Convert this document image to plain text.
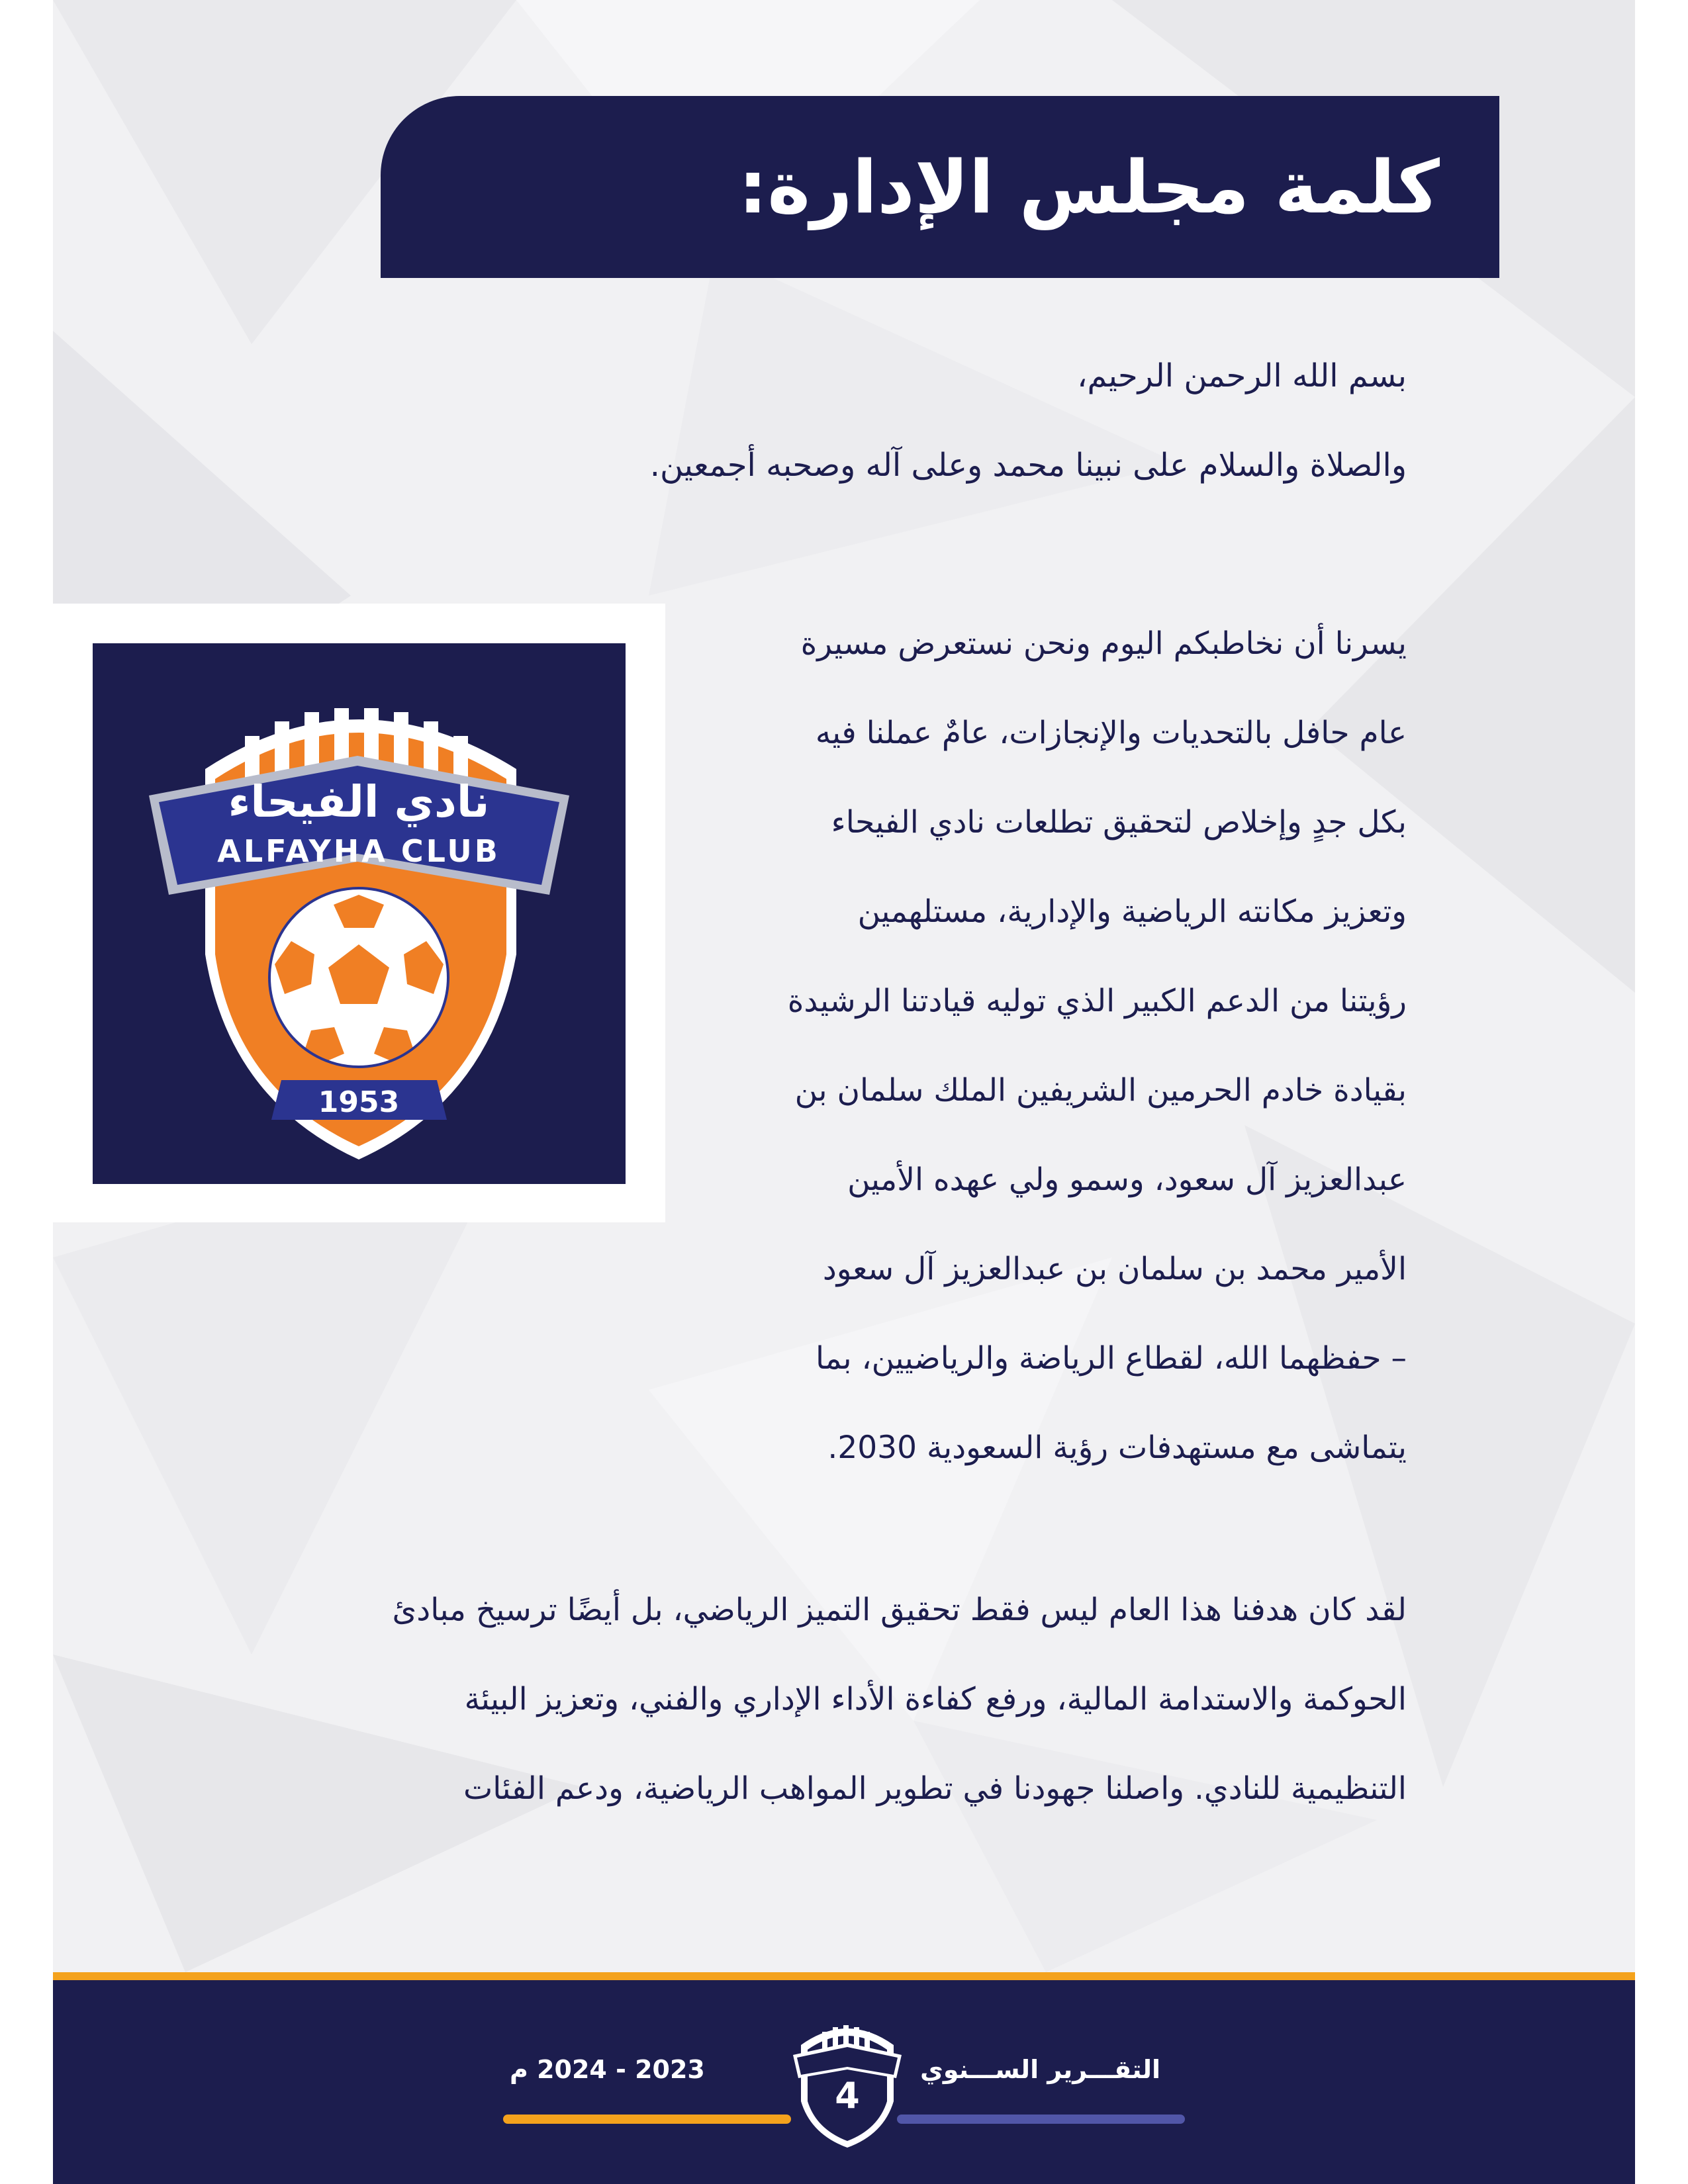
كلمة مجلس الإدارة:
بسم الله الرحمن الرحيم،
والصلاة والسلام على نبينا محمد وعلى آله وصحبه أجمعين.
نادي الفيحاء
ALFAYHA CLUB
1953
يسرنا أن نخاطبكم اليوم ونحن نستعرض مسيرة
عام حافل بالتحديات والإنجازات، عامٌ عملنا فيه
بكل جدٍ وإخلاص لتحقيق تطلعات نادي الفيحاء
وتعزيز مكانته الرياضية والإدارية، مستلهمين
رؤيتنا من الدعم الكبير الذي توليه قيادتنا الرشيدة
بقيادة خادم الحرمين الشريفين الملك سلمان بن
عبدالعزيز آل سعود، وسمو ولي عهده الأمين
الأمير محمد بن سلمان بن عبدالعزيز آل سعود
– حفظهما الله، لقطاع الرياضة والرياضيين، بما
يتماشى مع مستهدفات رؤية السعودية 2030.
لقد كان هدفنا هذا العام ليس فقط تحقيق التميز الرياضي، بل أيضًا ترسيخ مبادئ
الحوكمة والاستدامة المالية، ورفع كفاءة الأداء الإداري والفني، وتعزيز البيئة
التنظيمية للنادي. واصلنا جهودنا في تطوير المواهب الرياضية، ودعم الفئات
التقـــرير الســـنوي
2023 - 2024 م
4
